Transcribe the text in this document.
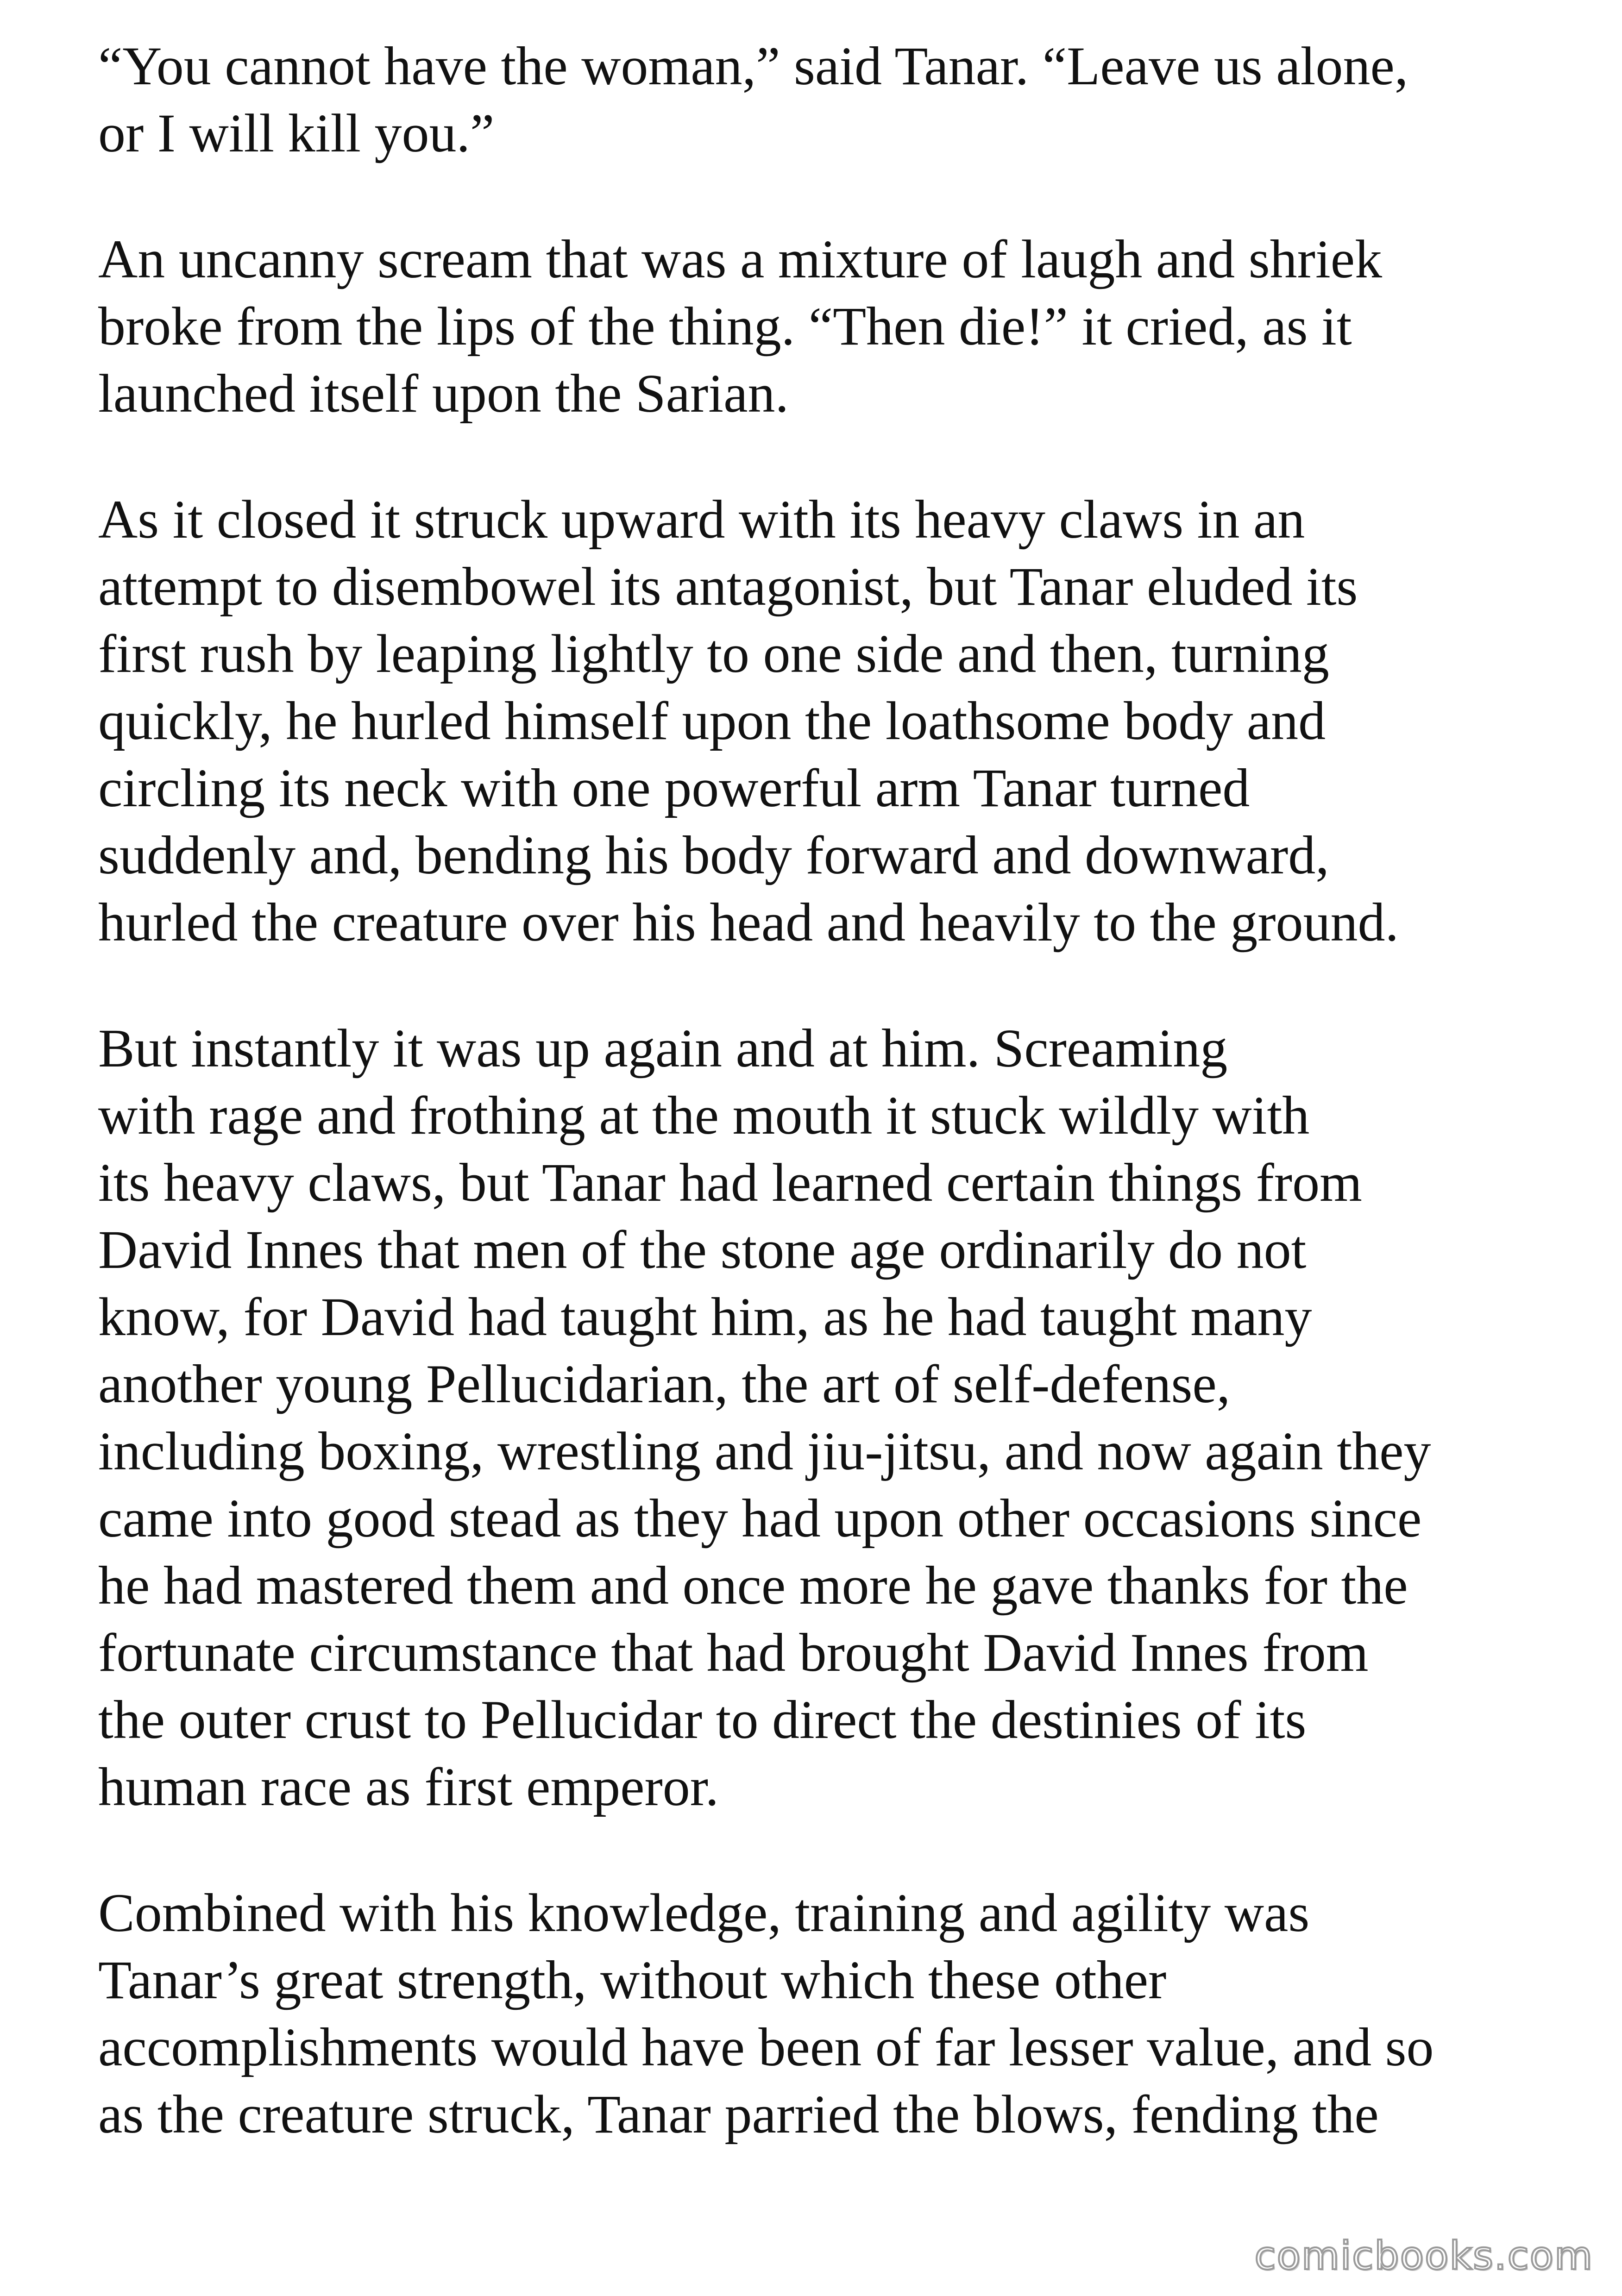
“You cannot have the woman,” said Tanar. “Leave us alone,
or I will kill you.”

An uncanny scream that was a mixture of laugh and shriek
broke from the lips of the thing. “Then die!” it cried, as it
launched itself upon the Sarian.

As it closed it struck upward with its heavy claws in an
attempt to disembowel its antagonist, but Tanar eluded its
first rush by leaping lightly to one side and then, turning
quickly, he hurled himself upon the loathsome body and
circling its neck with one powerful arm Tanar turned
suddenly and, bending his body forward and downward,
hurled the creature over his head and heavily to the ground.

But instantly it was up again and at him. Screaming
with rage and frothing at the mouth it stuck wildly with
its heavy claws, but Tanar had learned certain things from
David Innes that men of the stone age ordinarily do not
know, for David had taught him, as he had taught many
another young Pellucidarian, the art of self-defense,
including boxing, wrestling and jiu-jitsu, and now again they
came into good stead as they had upon other occasions since
he had mastered them and once more he gave thanks for the
fortunate circumstance that had brought David Innes from
the outer crust to Pellucidar to direct the destinies of its
human race as first emperor.

Combined with his knowledge, training and agility was
Tanar’s great strength, without which these other
accomplishments would have been of far lesser value, and so
as the creature struck, Tanar parried the blows, fending the

comicbooks.com
